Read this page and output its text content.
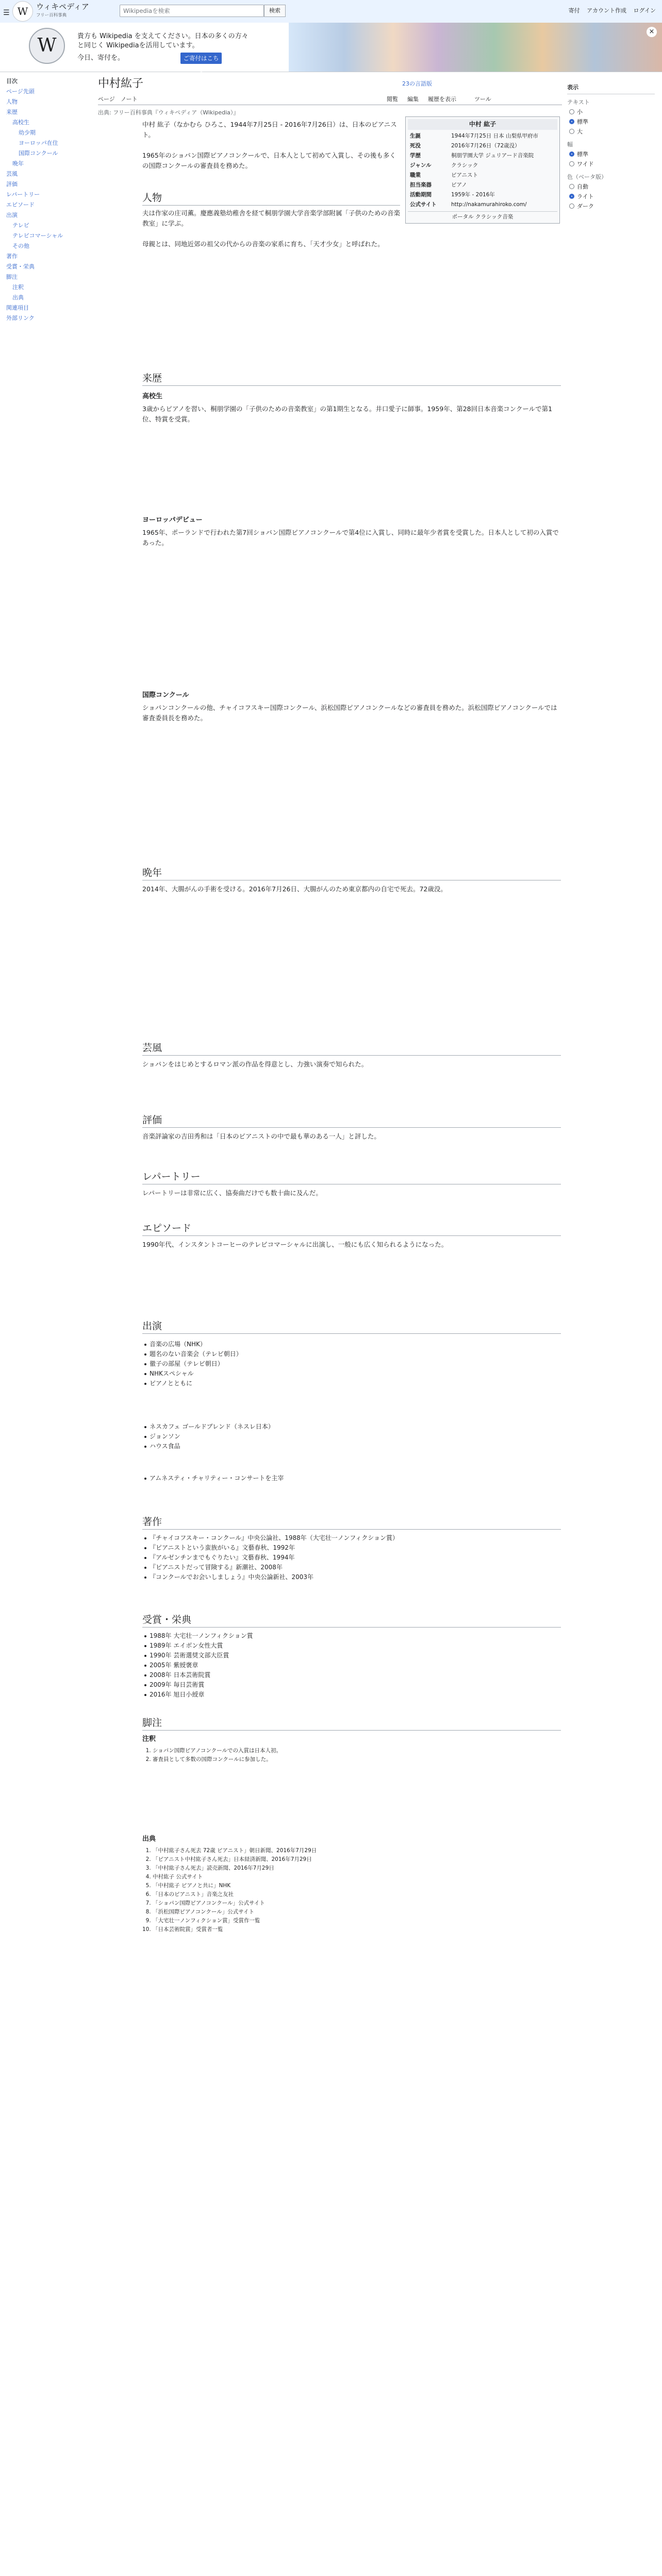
☰ W	ウィキペディア
フリー百科事典
Wikipediaを検索	検索	寄付 アカウント作成 ログイン
W	貴方も Wikipedia を支えてください。日本の多くの方々と同じく Wikipediaを活用しています。
今日、寄付を。	ご寄付はこちら
×
目次
ページ先頭
人物
来歴
高校生
幼少期
ヨーロッパ在住
国際コンクール
晩年
芸風
評価
レパートリー
エピソード
出演
テレビ
テレビコマーシャル
その他
著作
受賞・栄典
脚注
注釈
出典
関連項目
外部リンク
中村紘子	23の言語版
ページ ノート	閲覧 編集 履歴を表示	ツール
出典: フリー百科事典『ウィキペディア（Wikipedia）』
表示
テキスト
小
標準
大
幅
標準
ワイド
色（ベータ版）
自動
ライト
ダーク
中村 紘子
生誕	1944年7月25日 日本 山梨県甲府市
死没	2016年7月26日（72歳没）
学歴	桐朋学園大学 ジュリアード音楽院
ジャンル	クラシック
職業	ピアニスト
担当楽器	ピアノ
活動期間	1959年 - 2016年
公式サイト	http://nakamurahiroko.com/
ポータル クラシック音楽
中村 紘子（なかむら ひろこ、1944年7月25日 - 2016年7月26日）は、日本のピアニスト。
1965年のショパン国際ピアノコンクールで、日本人として初めて入賞し、その後も多くの国際コンクールの審査員を務めた。
人物
夫は作家の庄司薫。慶應義塾幼稚舎を経て桐朋学園大学音楽学部附属「子供のための音楽教室」に学ぶ。
母親とは、同地近郊の祖父の代からの音楽の家系に育ち、「天才少女」と呼ばれた。
来歴
高校生
3歳からピアノを習い、桐朋学園の「子供のための音楽教室」の第1期生となる。井口愛子に師事。1959年、第28回日本音楽コンクールで第1位、特賞を受賞。
ヨーロッパデビュー
1965年、ポーランドで行われた第7回ショパン国際ピアノコンクールで第4位に入賞し、同時に最年少者賞を受賞した。日本人として初の入賞であった。
国際コンクール
ショパンコンクールの他、チャイコフスキー国際コンクール、浜松国際ピアノコンクールなどの審査員を務めた。浜松国際ピアノコンクールでは審査委員長を務めた。
晩年
2014年、大腸がんの手術を受ける。2016年7月26日、大腸がんのため東京都内の自宅で死去。72歳没。
芸風
ショパンをはじめとするロマン派の作品を得意とし、力強い演奏で知られた。
評価
音楽評論家の吉田秀和は「日本のピアニストの中で最も華のある一人」と評した。
レパートリー
レパートリーは非常に広く、協奏曲だけでも数十曲に及んだ。
エピソード
1990年代、インスタントコーヒーのテレビコマーシャルに出演し、一般にも広く知られるようになった。
出演
音楽の広場（NHK）
題名のない音楽会（テレビ朝日）
徹子の部屋（テレビ朝日）
NHKスペシャル
ピアノとともに
ネスカフェ ゴールドブレンド（ネスレ日本）
ジョンソン
ハウス食品
アムネスティ・チャリティー・コンサートを主宰
著作
『チャイコフスキー・コンクール』中央公論社、1988年（大宅壮一ノンフィクション賞）
『ピアニストという蛮族がいる』文藝春秋、1992年
『アルゼンチンまでもぐりたい』文藝春秋、1994年
『ピアニストだって冒険する』新潮社、2008年
『コンクールでお会いしましょう』中央公論新社、2003年
受賞・栄典
1988年 大宅壮一ノンフィクション賞
1989年 エイボン女性大賞
1990年 芸術選奨文部大臣賞
2005年 紫綬褒章
2008年 日本芸術院賞
2009年 毎日芸術賞
2016年 旭日小綬章
脚注
注釈
1. ショパン国際ピアノコンクールでの入賞は日本人初。
2. 審査員として多数の国際コンクールに参加した。
出典
1. 「中村紘子さん死去 72歳 ピアニスト」朝日新聞、2016年7月29日
2. 「ピアニスト中村紘子さん死去」日本経済新聞、2016年7月29日
3. 「中村紘子さん死去」読売新聞、2016年7月29日
4. 中村紘子 公式サイト
5. 「中村紘子 ピアノと共に」NHK
6. 「日本のピアニスト」音楽之友社
7. 「ショパン国際ピアノコンクール」公式サイト
8. 「浜松国際ピアノコンクール」公式サイト
9. 「大宅壮一ノンフィクション賞」受賞作一覧
10. 「日本芸術院賞」受賞者一覧
